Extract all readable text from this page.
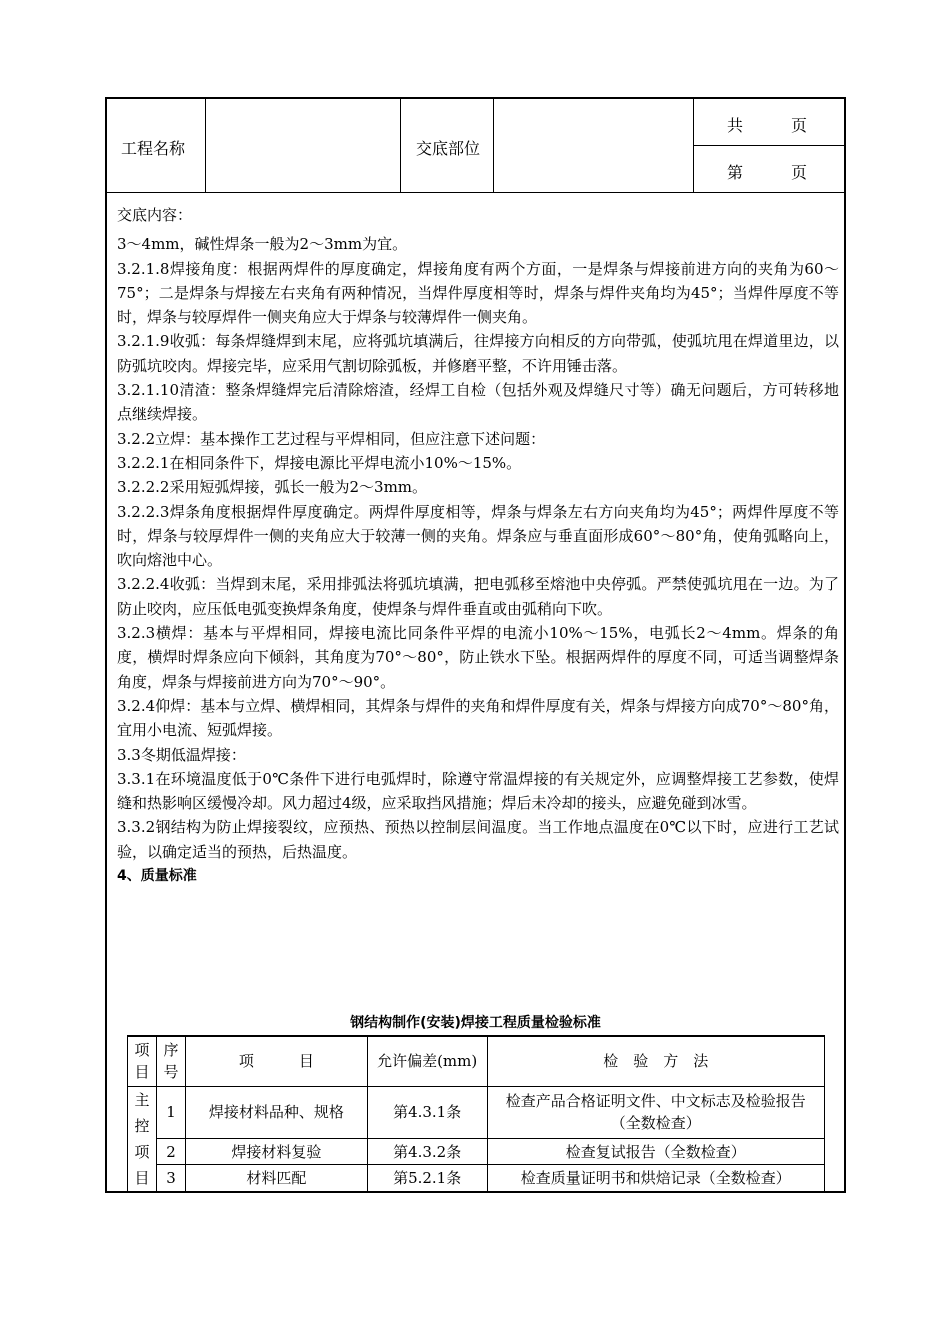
工程名称	交底部位
共　　　页
第　　　页

交底内容：

3～4mm，碱性焊条一般为2～3mm为宜。

3.2.1.8焊接角度：根据两焊件的厚度确定，焊接角度有两个方面，一是焊条与焊接前进方向的夹角为60～75°；二是焊条与焊接左右夹角有两种情况，当焊件厚度相等时，焊条与焊件夹角均为45°；当焊件厚度不等时，焊条与较厚焊件一侧夹角应大于焊条与较薄焊件一侧夹角。

3.2.1.9收弧：每条焊缝焊到末尾，应将弧坑填满后，往焊接方向相反的方向带弧，使弧坑甩在焊道里边，以防弧坑咬肉。焊接完毕，应采用气割切除弧板，并修磨平整，不许用锤击落。

3.2.1.10清渣：整条焊缝焊完后清除熔渣，经焊工自检（包括外观及焊缝尺寸等）确无问题后，方可转移地点继续焊接。

3.2.2立焊：基本操作工艺过程与平焊相同，但应注意下述问题：

3.2.2.1在相同条件下，焊接电源比平焊电流小10%～15%。

3.2.2.2采用短弧焊接，弧长一般为2～3mm。

3.2.2.3焊条角度根据焊件厚度确定。两焊件厚度相等，焊条与焊条左右方向夹角均为45°；两焊件厚度不等时，焊条与较厚焊件一侧的夹角应大于较薄一侧的夹角。焊条应与垂直面形成60°～80°角，使角弧略向上，吹向熔池中心。

3.2.2.4收弧：当焊到末尾，采用排弧法将弧坑填满，把电弧移至熔池中央停弧。严禁使弧坑甩在一边。为了防止咬肉，应压低电弧变换焊条角度，使焊条与焊件垂直或由弧稍向下吹。

3.2.3横焊：基本与平焊相同，焊接电流比同条件平焊的电流小10%～15%，电弧长2～4mm。焊条的角度，横焊时焊条应向下倾斜，其角度为70°～80°，防止铁水下坠。根据两焊件的厚度不同，可适当调整焊条角度，焊条与焊接前进方向为70°～90°。

3.2.4仰焊：基本与立焊、横焊相同，其焊条与焊件的夹角和焊件厚度有关，焊条与焊接方向成70°～80°角，宜用小电流、短弧焊接。

3.3冬期低温焊接：

3.3.1在环境温度低于0℃条件下进行电弧焊时，除遵守常温焊接的有关规定外，应调整焊接工艺参数，使焊缝和热影响区缓慢冷却。风力超过4级，应采取挡风措施；焊后未冷却的接头，应避免碰到冰雪。

3.3.2钢结构为防止焊接裂纹，应预热、预热以控制层间温度。当工作地点温度在0℃以下时，应进行工艺试验，以确定适当的预热，后热温度。

4、质量标准

钢结构制作(安装)焊接工程质量检验标准
项目	序号	项　　　目	允许偏差(mm)	检　验　方　法
主控项目	1	焊接材料品种、规格	第4.3.1条	检查产品合格证明文件、中文标志及检验报告（全数检查）
	2	焊接材料复验	第4.3.2条	检查复试报告（全数检查）
	3	材料匹配	第5.2.1条	检查质量证明书和烘焙记录（全数检查）
